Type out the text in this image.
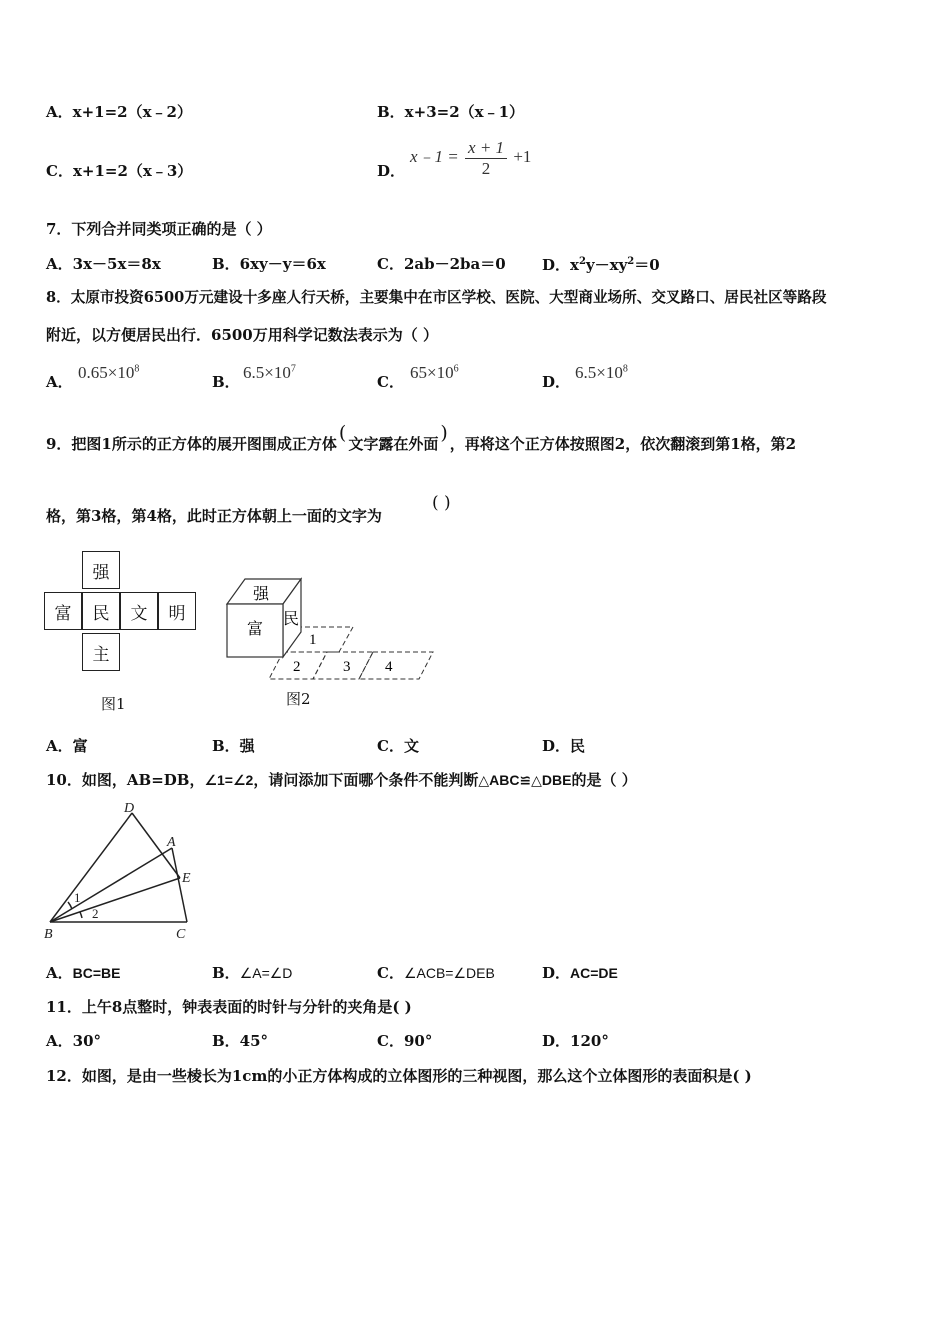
A．x+1=2（x﹣2）	B．x+3=2（x﹣1）
C．x+1=2（x﹣3）	D．
x﹣1 = $\frac{x + 1}{2} +1$
7．下列合并同类项正确的是（ ）
A．3x－5x＝8x	B．6xy－y＝6x	C．2ab－2ba＝0 D．$x^2y-xy^2=0$
8．太原市投资6500万元建设十多座人行天桥，主要集中在市区学校、医院、大型商业场所、交叉路口、居民社区等路段
附近，以方便居民出行．6500万用科学记数法表示为（ ）
A． $0.65\times 10^8$
B． $6.5\times 10^7$
C． $65\times 10^6$
D． $6.5\times 10^8$
9．把图1所示的正方体的展开图围成正方体 ( 文字露在外面 ) ，再将这个正方体按照图2，依次翻滚到第1格，第2
格，第3格，第4格，此时正方体朝上一面的文字为
( )
强
富	民	文	明
主
图1
强
富
民
1
2	3 4
图2
A．富	B．强	C．文	D．民
10．如图，AB=DB，∠1=∠2，请问添加下面哪个条件不能判断△ABC≌△DBE的是（ ）
D
A
E
B	C
1
2
A．BC=BE	B．∠A=∠D	C．∠ACB=∠DEB	D．AC=DE
11．上午8点整时，钟表表面的时针与分针的夹角是( )
A．30°	B．45°	C．90°	D．120°
12．如图，是由一些棱长为1cm的小正方体构成的立体图形的三种视图，那么这个立体图形的表面积是( )
